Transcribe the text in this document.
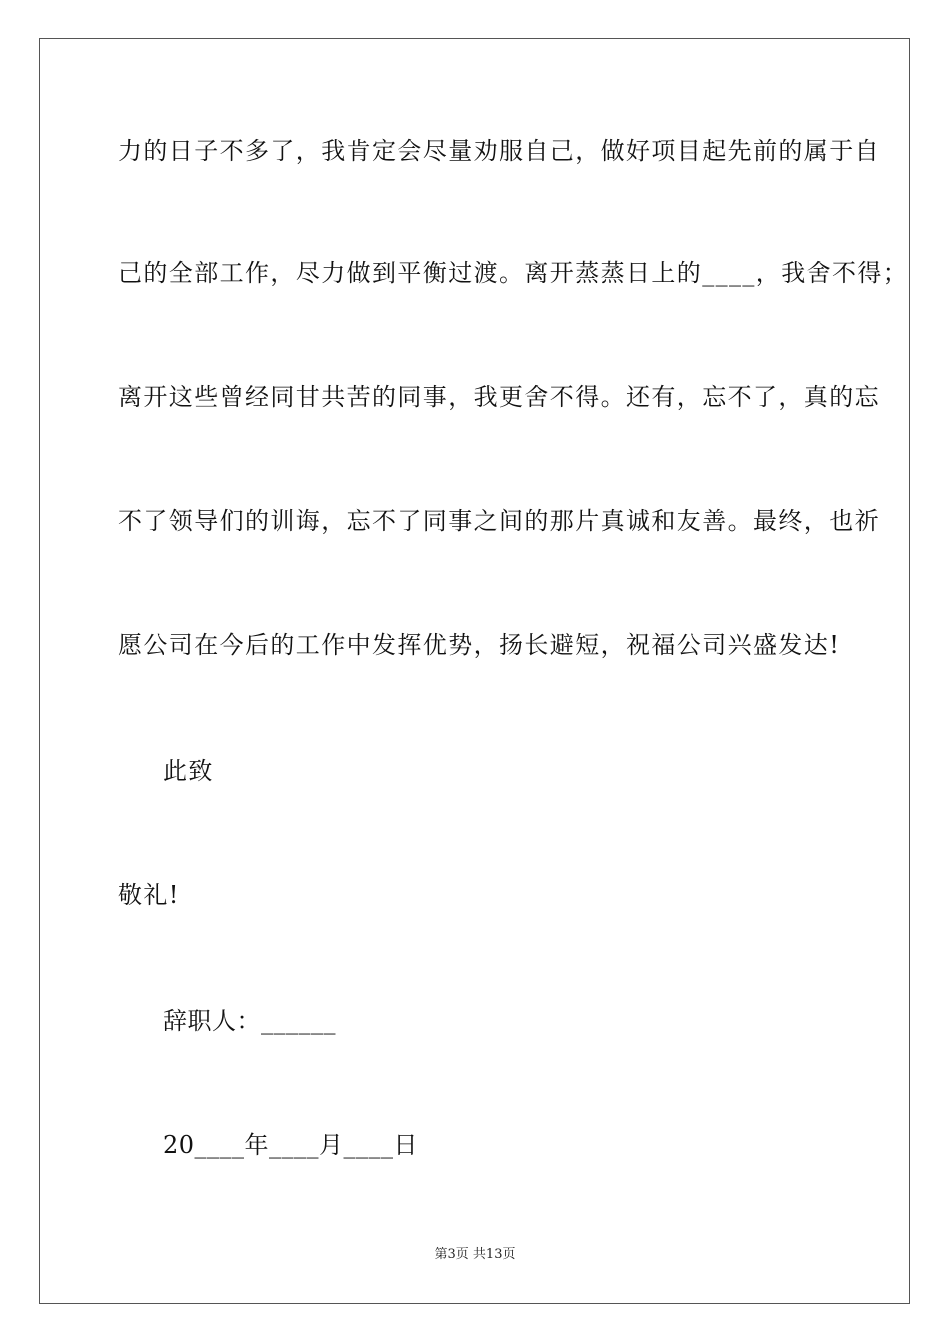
力的日子不多了，我肯定会尽量劝服自己，做好项目起先前的属于自
己的全部工作，尽力做到平衡过渡。离开蒸蒸日上的____，我舍不得；
离开这些曾经同甘共苦的同事，我更舍不得。还有，忘不了，真的忘
不了领导们的训诲，忘不了同事之间的那片真诚和友善。最终，也祈
愿公司在今后的工作中发挥优势，扬长避短，祝福公司兴盛发达!
此致
敬礼!
辞职人：______
20____年____月____日
第3页 共13页
